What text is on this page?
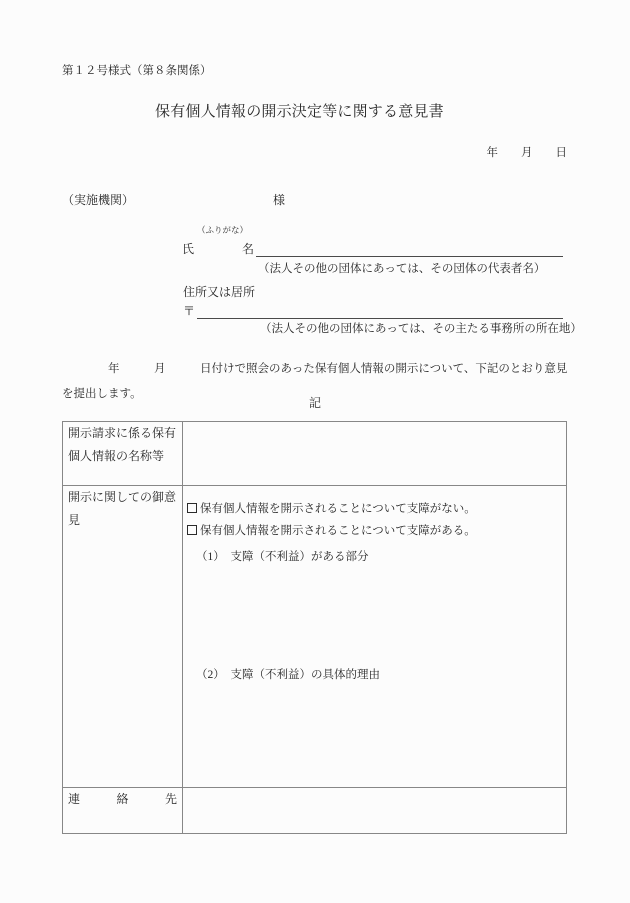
第１２号様式（第８条関係）
保有個人情報の開示決定等に関する意見書
年　　月　　日
（実施機関）	様
（ふりがな）
氏　　　　名
（法人その他の団体にあっては、その団体の代表者名）
住所又は居所
〒
（法人その他の団体にあっては、その主たる事務所の所在地）
　　　　年　　　月　　　日付けで照会のあった保有個人情報の開示について、下記のとおり意見
を提出します。
記
開示請求に係る保有個人情報の名称等	
開示に関しての御意見	保有個人情報を開示されることについて支障がない。
保有個人情報を開示されることについて支障がある。
（1）　支障（不利益）がある部分
（2）　支障（不利益）の具体的理由

連　絡　先	
